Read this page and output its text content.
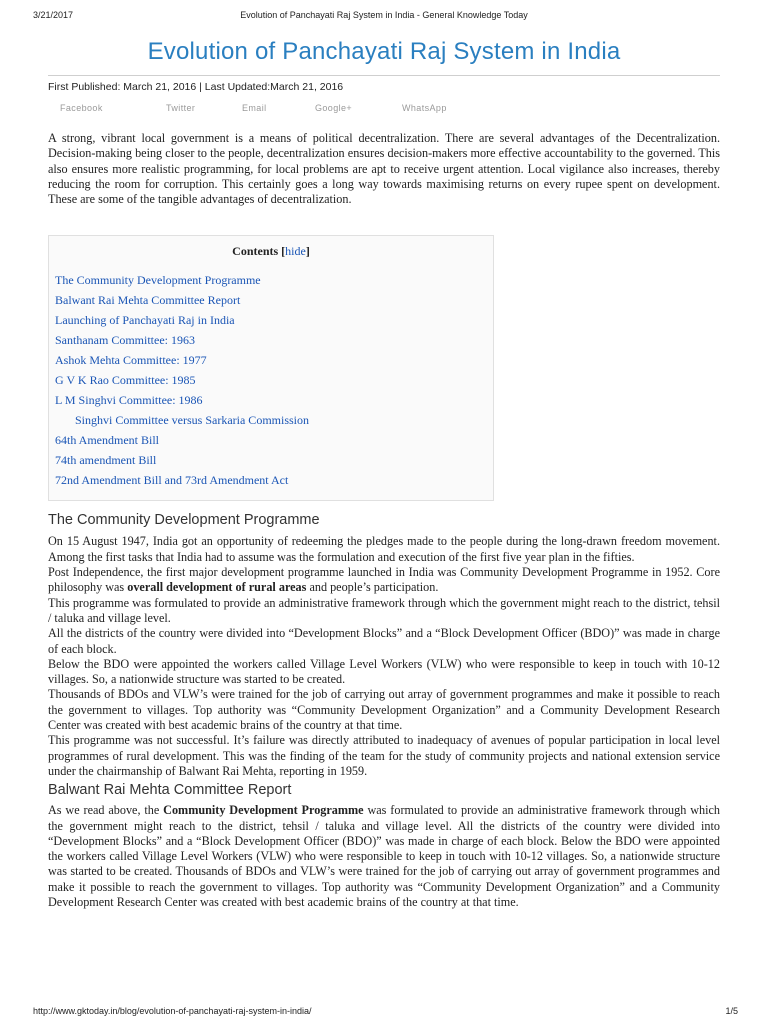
3/21/2017	Evolution of Panchayati Raj System in India - General Knowledge Today
Evolution of Panchayati Raj System in India
First Published: March 21, 2016 | Last Updated:March 21, 2016
Facebook	Twitter	Email	Google+	WhatsApp

A strong, vibrant local government is a means of political decentralization. There are several advantages of the Decentralization. Decision-making being closer to the people, decentralization ensures decision-makers more effective accountability to the governed. This also ensures more realistic programming, for local problems are apt to receive urgent attention. Local vigilance also increases, thereby reducing the room for corruption. This certainly goes a long way towards maximising returns on every rupee spent on development. These are some of the tangible advantages of decentralization.

Contents [hide]
The Community Development Programme
Balwant Rai Mehta Committee Report
Launching of Panchayati Raj in India
Santhanam Committee: 1963
Ashok Mehta Committee: 1977
G V K Rao Committee: 1985
L M Singhvi Committee: 1986
Singhvi Committee versus Sarkaria Commission
64th Amendment Bill
74th amendment Bill
72nd Amendment Bill and 73rd Amendment Act
The Community Development Programme

On 15 August 1947, India got an opportunity of redeeming the pledges made to the people during the long-drawn freedom movement. Among the first tasks that India had to assume was the formulation and execution of the first five year plan in the fifties.

Post Independence, the first major development programme launched in India was Community Development Programme in 1952. Core philosophy was overall development of rural areas and people’s participation.

This programme was formulated to provide an administrative framework through which the government might reach to the district, tehsil / taluka and village level.

All the districts of the country were divided into “Development Blocks” and a “Block Development Officer (BDO)” was made in charge of each block.

Below the BDO were appointed the workers called Village Level Workers (VLW) who were responsible to keep in touch with 10-12 villages. So, a nationwide structure was started to be created.

Thousands of BDOs and VLW’s were trained for the job of carrying out array of government programmes and make it possible to reach the government to villages. Top authority was “Community Development Organization” and a Community Development Research Center was created with best academic brains of the country at that time.

This programme was not successful. It’s failure was directly attributed to inadequacy of avenues of popular participation in local level programmes of rural development. This was the finding of the team for the study of community projects and national extension service under the chairmanship of Balwant Rai Mehta, reporting in 1959.

Balwant Rai Mehta Committee Report

As we read above, the Community Development Programme was formulated to provide an administrative framework through which the government might reach to the district, tehsil / taluka and village level. All the districts of the country were divided into “Development Blocks” and a “Block Development Officer (BDO)” was made in charge of each block. Below the BDO were appointed the workers called Village Level Workers (VLW) who were responsible to keep in touch with 10-12 villages. So, a nationwide structure was started to be created. Thousands of BDOs and VLW’s were trained for the job of carrying out array of government programmes and make it possible to reach the government to villages. Top authority was “Community Development Organization” and a Community Development Research Center was created with best academic brains of the country at that time.

http://www.gktoday.in/blog/evolution-of-panchayati-raj-system-in-india/	1/5
